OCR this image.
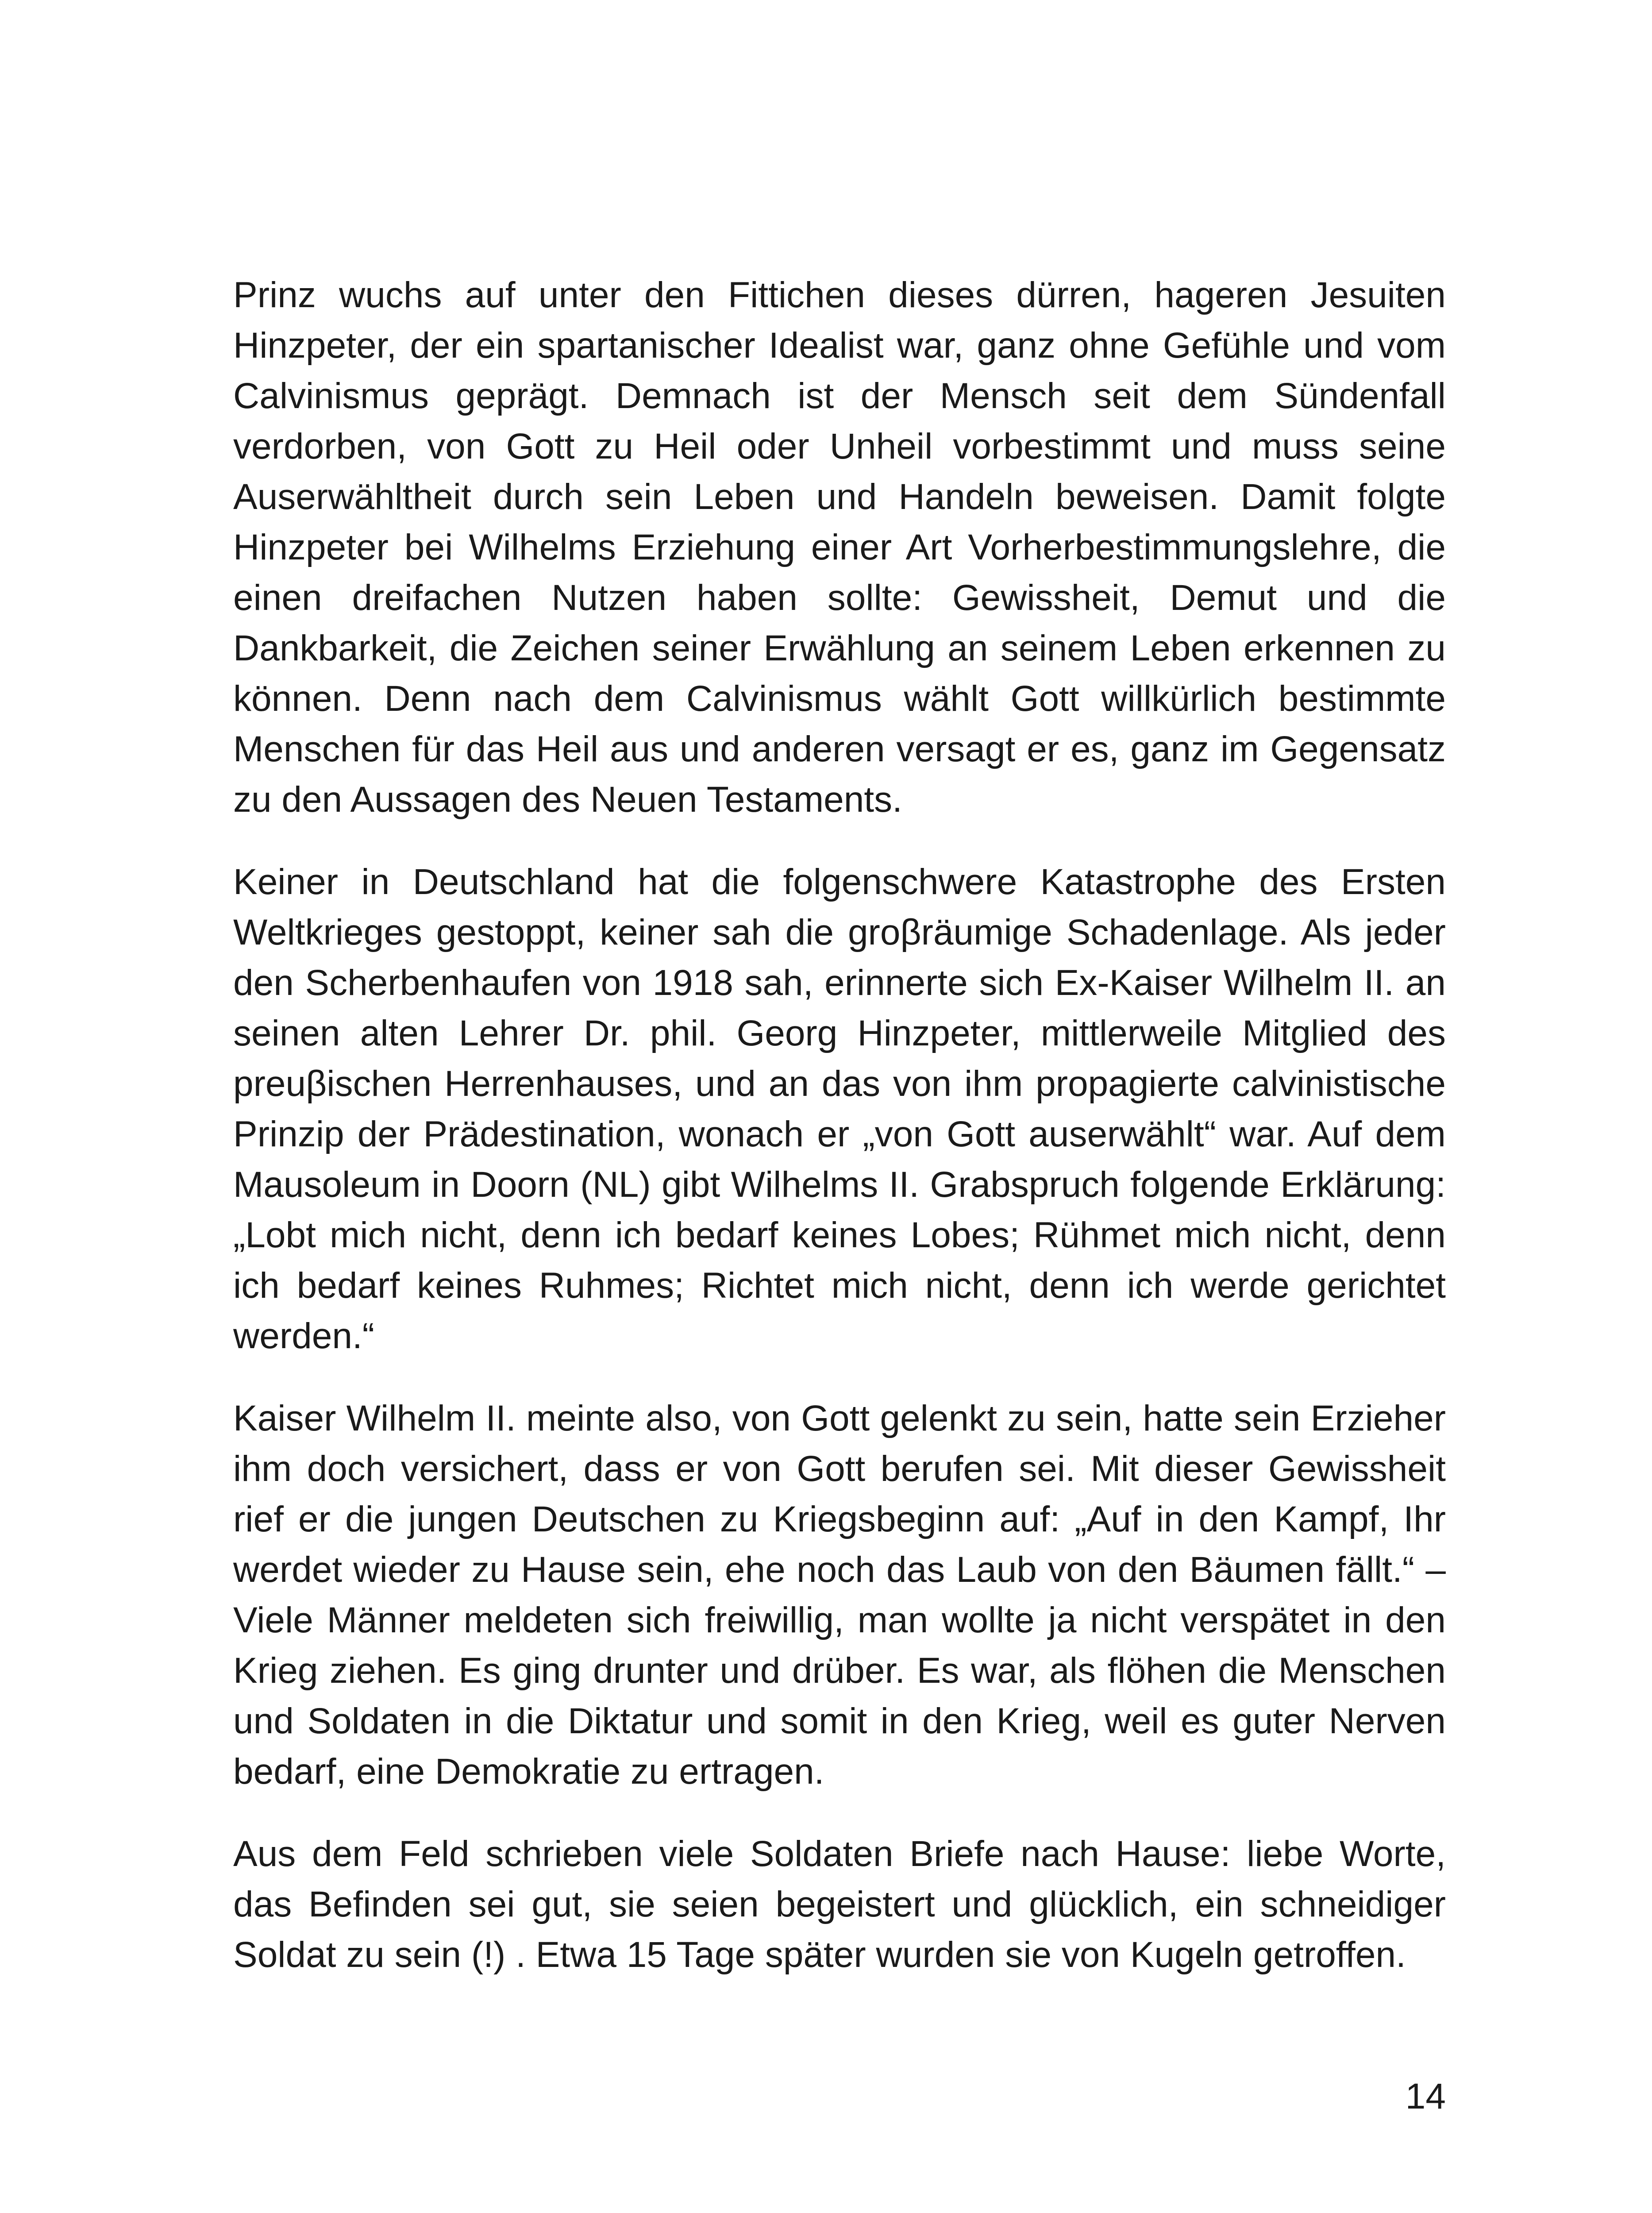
Prinz wuchs auf unter den Fittichen dieses dürren, hageren Jesuiten Hinzpeter, der ein spartanischer Idealist war, ganz ohne Gefühle und vom Calvinismus geprägt. Demnach ist der Mensch seit dem Sündenfall verdorben, von Gott zu Heil oder Unheil vorbestimmt und muss seine Auserwähltheit durch sein Leben und Handeln beweisen. Damit folgte Hinzpeter bei Wilhelms Erziehung einer Art Vorherbestimmungslehre, die einen dreifachen Nutzen haben sollte: Gewissheit, Demut und die Dankbarkeit, die Zeichen seiner Erwählung an seinem Leben erkennen zu können. Denn nach dem Calvinismus wählt Gott willkürlich bestimmte Menschen für das Heil aus und anderen versagt er es, ganz im Gegensatz zu den Aussagen des Neuen Testaments.

Keiner in Deutschland hat die folgenschwere Katastrophe des Ersten Weltkrieges gestoppt, keiner sah die groβräumige Schadenlage. Als jeder den Scherbenhaufen von 1918 sah, erinnerte sich Ex-Kaiser Wilhelm II. an seinen alten Lehrer Dr. phil. Georg Hinzpeter, mittlerweile Mitglied des preuβischen Herrenhauses, und an das von ihm propagierte calvinistische Prinzip der Prädestination, wonach er „von Gott auserwählt“ war. Auf dem Mausoleum in Doorn (NL) gibt Wilhelms II. Grabspruch folgende Erklärung: „Lobt mich nicht, denn ich bedarf keines Lobes; Rühmet mich nicht, denn ich bedarf keines Ruhmes; Richtet mich nicht, denn ich werde gerichtet werden.“

Kaiser Wilhelm II. meinte also, von Gott gelenkt zu sein, hatte sein Erzieher ihm doch versichert, dass er von Gott berufen sei. Mit dieser Gewissheit rief er die jungen Deutschen zu Kriegsbeginn auf: „Auf in den Kampf, Ihr werdet wieder zu Hause sein, ehe noch das Laub von den Bäumen fällt.“ – Viele Männer meldeten sich freiwillig, man wollte ja nicht verspätet in den Krieg ziehen. Es ging drunter und drüber. Es war, als flöhen die Menschen und Soldaten in die Diktatur und somit in den Krieg, weil es guter Nerven bedarf, eine Demokratie zu ertragen.

Aus dem Feld schrieben viele Soldaten Briefe nach Hause: liebe Worte, das Befinden sei gut, sie seien begeistert und glücklich, ein schneidiger Soldat zu sein (!) . Etwa 15 Tage später wurden sie von Kugeln getroffen.

14
